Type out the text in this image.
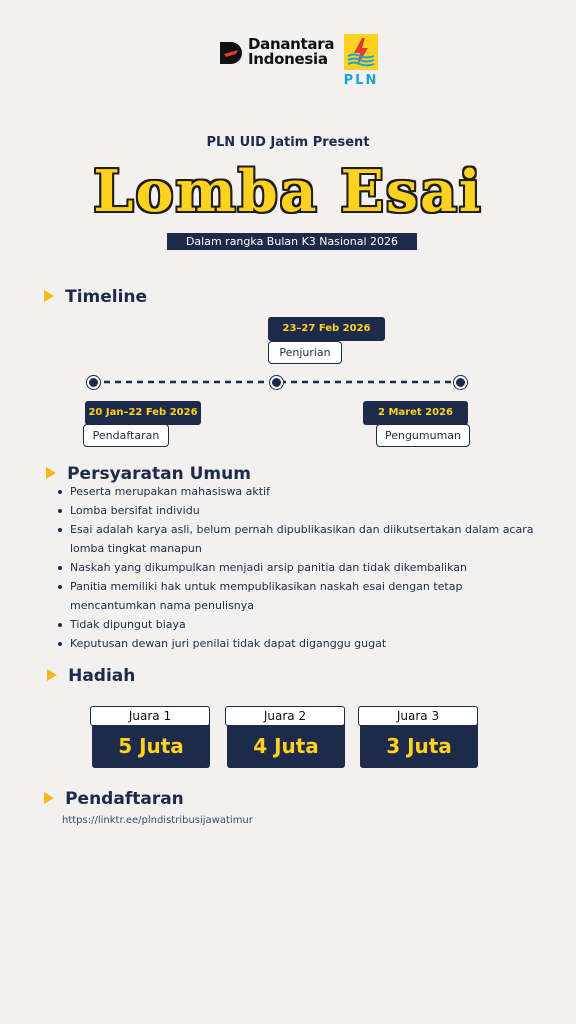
Danantara
Indonesia
PLN
PLN UID Jatim Present
Lomba Esai
Dalam rangka Bulan K3 Nasional 2026
Timeline
20 Jan–22 Feb 2026
Pendaftaran
23–27 Feb 2026
Penjurian
2 Maret 2026
Pengumuman
Persyaratan Umum
Peserta merupakan mahasiswa aktif
Lomba bersifat individu
Esai adalah karya asli, belum pernah dipublikasikan dan diikutsertakan dalam acara lomba tingkat manapun
Naskah yang dikumpulkan menjadi arsip panitia dan tidak dikembalikan
Panitia memiliki hak untuk mempublikasikan naskah esai dengan tetap mencantumkan nama penulisnya
Tidak dipungut biaya
Keputusan dewan juri penilai tidak dapat diganggu gugat
Hadiah
Juara 1
5 Juta
Juara 2
4 Juta
Juara 3
3 Juta
Pendaftaran
https://linktr.ee/plndistribusijawatimur
